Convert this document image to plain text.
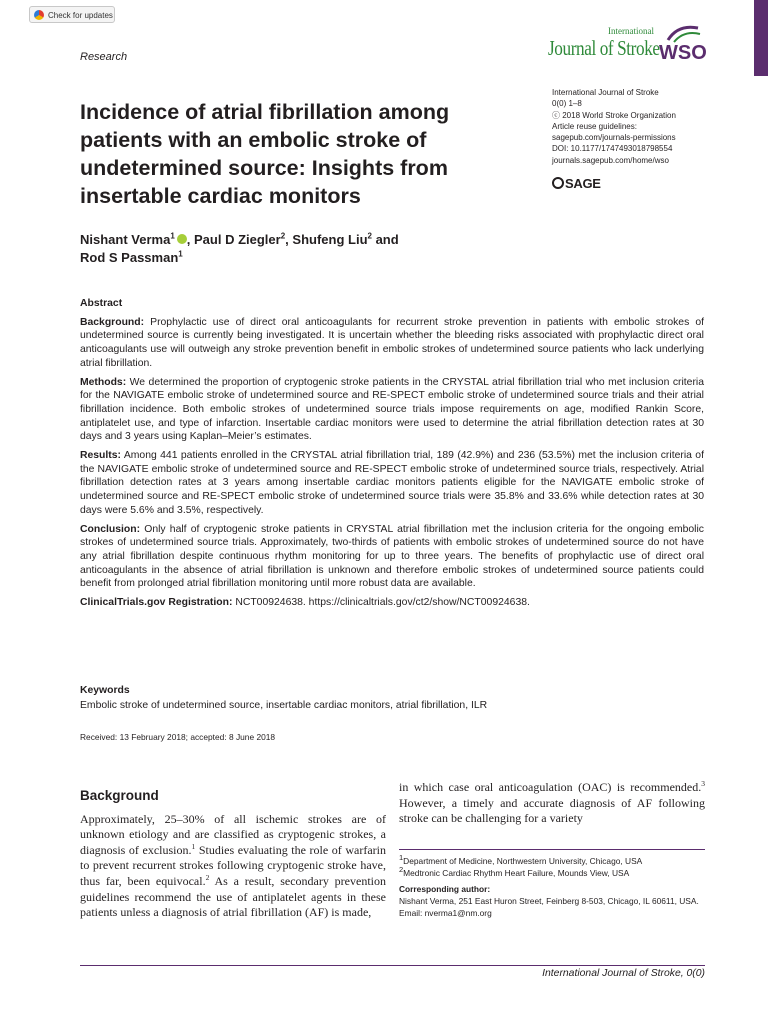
Check for updates
Research
International
Journal of Stroke WSO
International Journal of Stroke
0(0) 1–8
ⓒ 2018 World Stroke Organization
Article reuse guidelines:
sagepub.com/journals-permissions
DOI: 10.1177/1747493018798554
journals.sagepub.com/home/wso
SAGE
Incidence of atrial fibrillation among patients with an embolic stroke of undetermined source: Insights from insertable cardiac monitors
Nishant Verma$^1$ , Paul D Ziegler$^2$, Shufeng Liu$^2$ and
Rod S Passman$^1$

Abstract

Background: Prophylactic use of direct oral anticoagulants for recurrent stroke prevention in patients with embolic strokes of undetermined source is currently being investigated. It is uncertain whether the bleeding risks associated with prophylactic direct oral anticoagulants use will outweigh any stroke prevention benefit in embolic strokes of undetermined source patients who lack underlying atrial fibrillation.

Methods: We determined the proportion of cryptogenic stroke patients in the CRYSTAL atrial fibrillation trial who met inclusion criteria for the NAVIGATE embolic stroke of undetermined source and RE-SPECT embolic stroke of undetermined source trials and their atrial fibrillation incidence. Both embolic strokes of undetermined source trials impose requirements on age, modified Rankin Score, antiplatelet use, and type of infarction. Insertable cardiac monitors were used to determine the atrial fibrillation detection rates at 30 days and 3 years using Kaplan–Meier’s estimates.

Results: Among 441 patients enrolled in the CRYSTAL atrial fibrillation trial, 189 (42.9%) and 236 (53.5%) met the inclusion criteria of the NAVIGATE embolic stroke of undetermined source and RE-SPECT embolic stroke of undetermined source trials, respectively. Atrial fibrillation detection rates at 3 years among insertable cardiac monitors patients eligible for the NAVIGATE embolic stroke of undetermined source and RE-SPECT embolic stroke of undetermined source trials were 35.8% and 33.6% while detection rates at 30 days were 5.6% and 3.5%, respectively.

Conclusion: Only half of cryptogenic stroke patients in CRYSTAL atrial fibrillation met the inclusion criteria for the ongoing embolic strokes of undetermined source trials. Approximately, two-thirds of patients with embolic strokes of undetermined source do not have any atrial fibrillation despite continuous rhythm monitoring for up to three years. The benefits of prophylactic use of direct oral anticoagulants in the absence of atrial fibrillation is unknown and therefore embolic strokes of undetermined source patients could benefit from prolonged atrial fibrillation monitoring until more robust data are available.

ClinicalTrials.gov Registration: NCT00924638. https://clinicaltrials.gov/ct2/show/NCT00924638.

Keywords
Embolic stroke of undetermined source, insertable cardiac monitors, atrial fibrillation, ILR
Received: 13 February 2018; accepted: 8 June 2018
Background

Approximately, 25–30% of all ischemic strokes are of unknown etiology and are classified as cryptogenic strokes, a diagnosis of exclusion.$^1$ Studies evaluating the role of warfarin to prevent recurrent strokes following cryptogenic stroke have, thus far, been equivocal.$^2$ As a result, secondary prevention guidelines recommend the use of antiplatelet agents in these patients unless a diagnosis of atrial fibrillation (AF) is made,

in which case oral anticoagulation (OAC) is recommended.$^3$ However, a timely and accurate diagnosis of AF following stroke can be challenging for a variety

$^1$Department of Medicine, Northwestern University, Chicago, USA
$^2$Medtronic Cardiac Rhythm Heart Failure, Mounds View, USA
Corresponding author:
Nishant Verma, 251 East Huron Street, Feinberg 8-503, Chicago, IL 60611, USA.
Email: nverma1@nm.org
International Journal of Stroke, 0(0)
